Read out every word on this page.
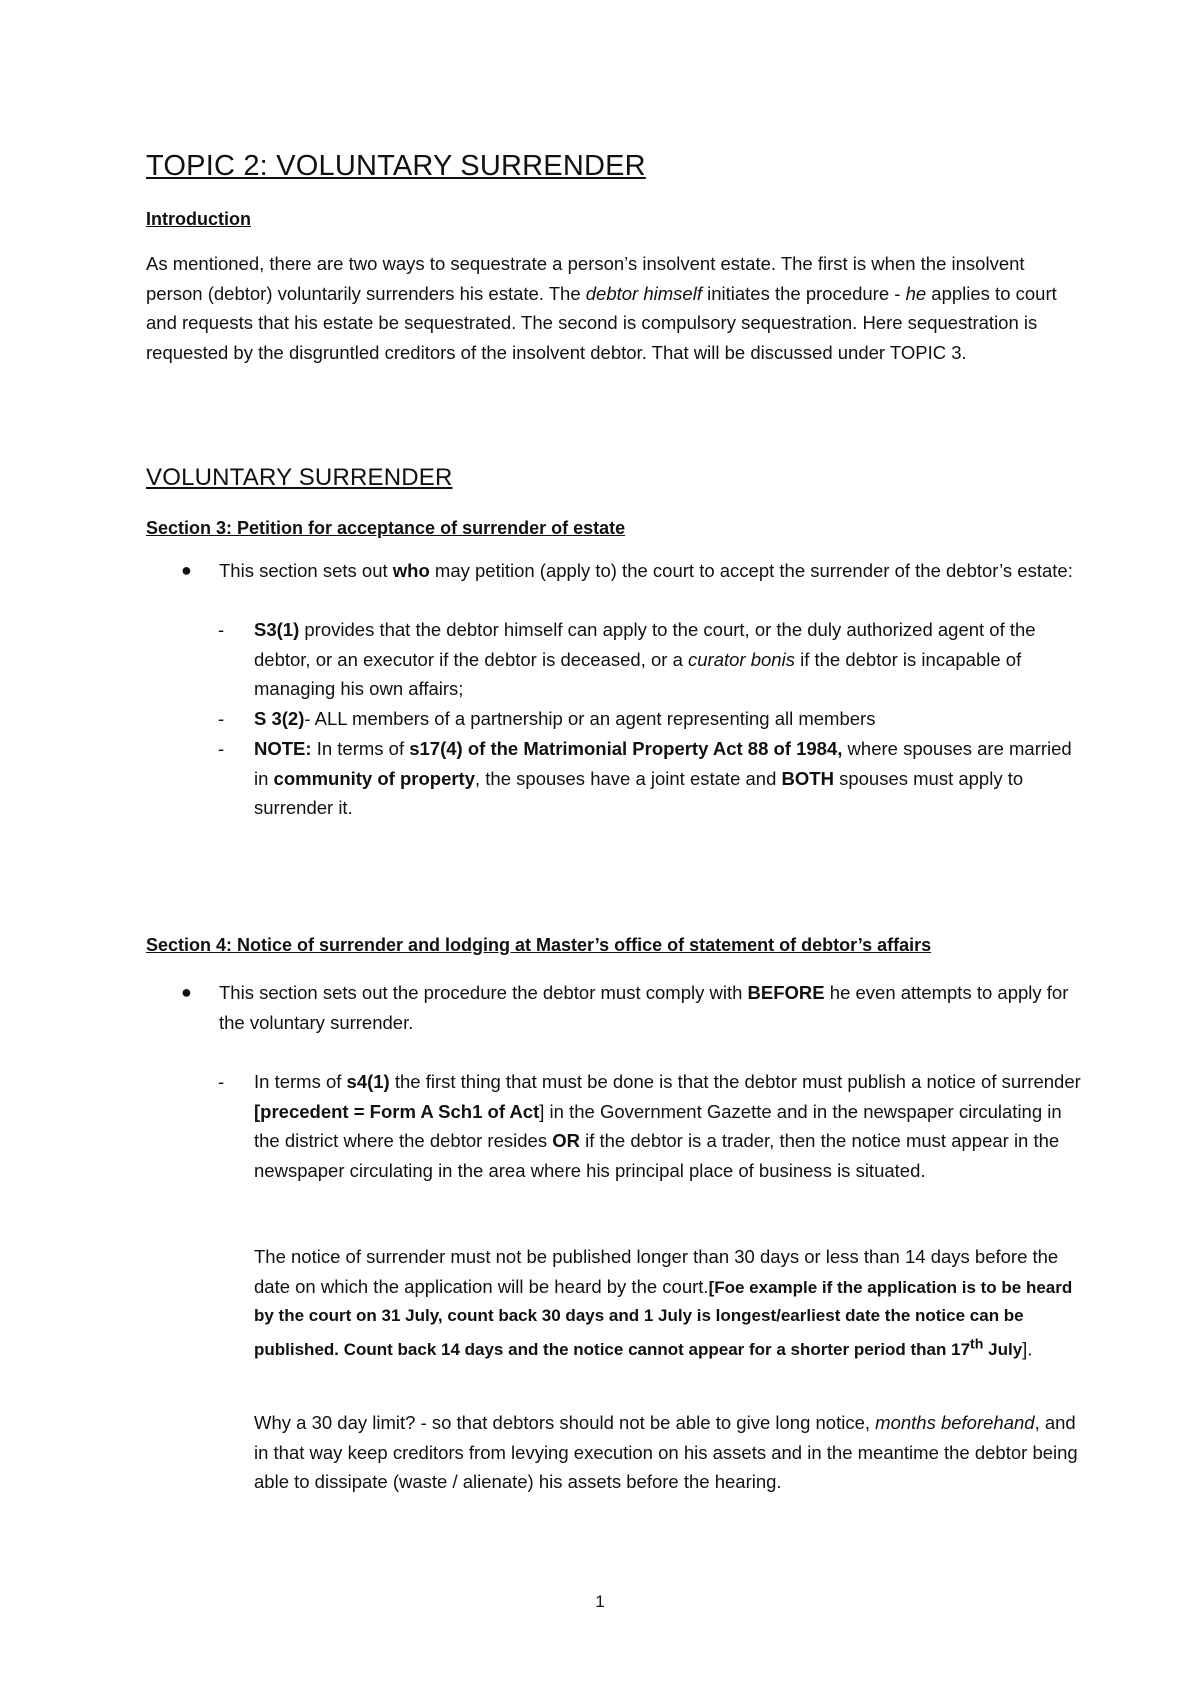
TOPIC 2: VOLUNTARY SURRENDER
Introduction
As mentioned, there are two ways to sequestrate a person’s insolvent estate. The first is when the insolvent person (debtor) voluntarily surrenders his estate. The debtor himself initiates the procedure - he applies to court and requests that his estate be sequestrated. The second is compulsory sequestration. Here sequestration is requested by the disgruntled creditors of the insolvent debtor. That will be discussed under TOPIC 3.
VOLUNTARY SURRENDER
Section 3: Petition for acceptance of surrender of estate
● This section sets out who may petition (apply to) the court to accept the surrender of the debtor’s estate:
- S3(1) provides that the debtor himself can apply to the court, or the duly authorized agent of the debtor, or an executor if the debtor is deceased, or a curator bonis if the debtor is incapable of managing his own affairs;
- S 3(2)- ALL members of a partnership or an agent representing all members
- NOTE: In terms of s17(4) of the Matrimonial Property Act 88 of 1984, where spouses are married in community of property, the spouses have a joint estate and BOTH spouses must apply to surrender it.
Section 4: Notice of surrender and lodging at Master’s office of statement of debtor’s affairs
● This section sets out the procedure the debtor must comply with BEFORE he even attempts to apply for the voluntary surrender.
- In terms of s4(1) the first thing that must be done is that the debtor must publish a notice of surrender [precedent = Form A Sch1 of Act] in the Government Gazette and in the newspaper circulating in the district where the debtor resides OR if the debtor is a trader, then the notice must appear in the newspaper circulating in the area where his principal place of business is situated.
The notice of surrender must not be published longer than 30 days or less than 14 days before the date on which the application will be heard by the court.[Foe example if the application is to be heard by the court on 31 July, count back 30 days and 1 July is longest/earliest date the notice can be published. Count back 14 days and the notice cannot appear for a shorter period than 17th July].
Why a 30 day limit? - so that debtors should not be able to give long notice, months beforehand, and in that way keep creditors from levying execution on his assets and in the meantime the debtor being able to dissipate (waste / alienate) his assets before the hearing.
1
